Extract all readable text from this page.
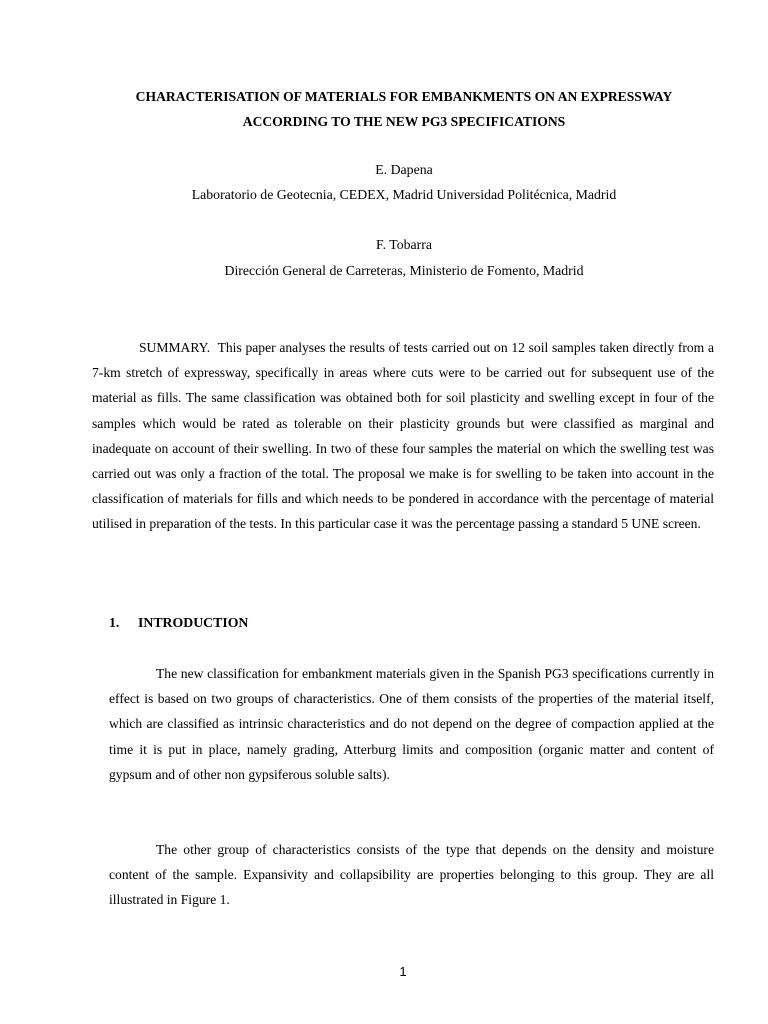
CHARACTERISATION OF MATERIALS FOR EMBANKMENTS ON AN EXPRESSWAY
ACCORDING TO THE NEW PG3 SPECIFICATIONS
E. Dapena
Laboratorio de Geotecnia, CEDEX, Madrid Universidad Politécnica, Madrid
F. Tobarra
Dirección General de Carreteras, Ministerio de Fomento, Madrid

SUMMARY. This paper analyses the results of tests carried out on 12 soil samples taken directly from a 7-km stretch of expressway, specifically in areas where cuts were to be carried out for subsequent use of the material as fills. The same classification was obtained both for soil plasticity and swelling except in four of the samples which would be rated as tolerable on their plasticity grounds but were classified as marginal and inadequate on account of their swelling. In two of these four samples the material on which the swelling test was carried out was only a fraction of the total. The proposal we make is for swelling to be taken into account in the classification of materials for fills and which needs to be pondered in accordance with the percentage of material utilised in preparation of the tests. In this particular case it was the percentage passing a standard 5 UNE screen.

1. INTRODUCTION

The new classification for embankment materials given in the Spanish PG3 specifications currently in effect is based on two groups of characteristics. One of them consists of the properties of the material itself, which are classified as intrinsic characteristics and do not depend on the degree of compaction applied at the time it is put in place, namely grading, Atterburg limits and composition (organic matter and content of gypsum and of other non gypsiferous soluble salts).

The other group of characteristics consists of the type that depends on the density and moisture content of the sample. Expansivity and collapsibility are properties belonging to this group. They are all illustrated in Figure 1.

1
